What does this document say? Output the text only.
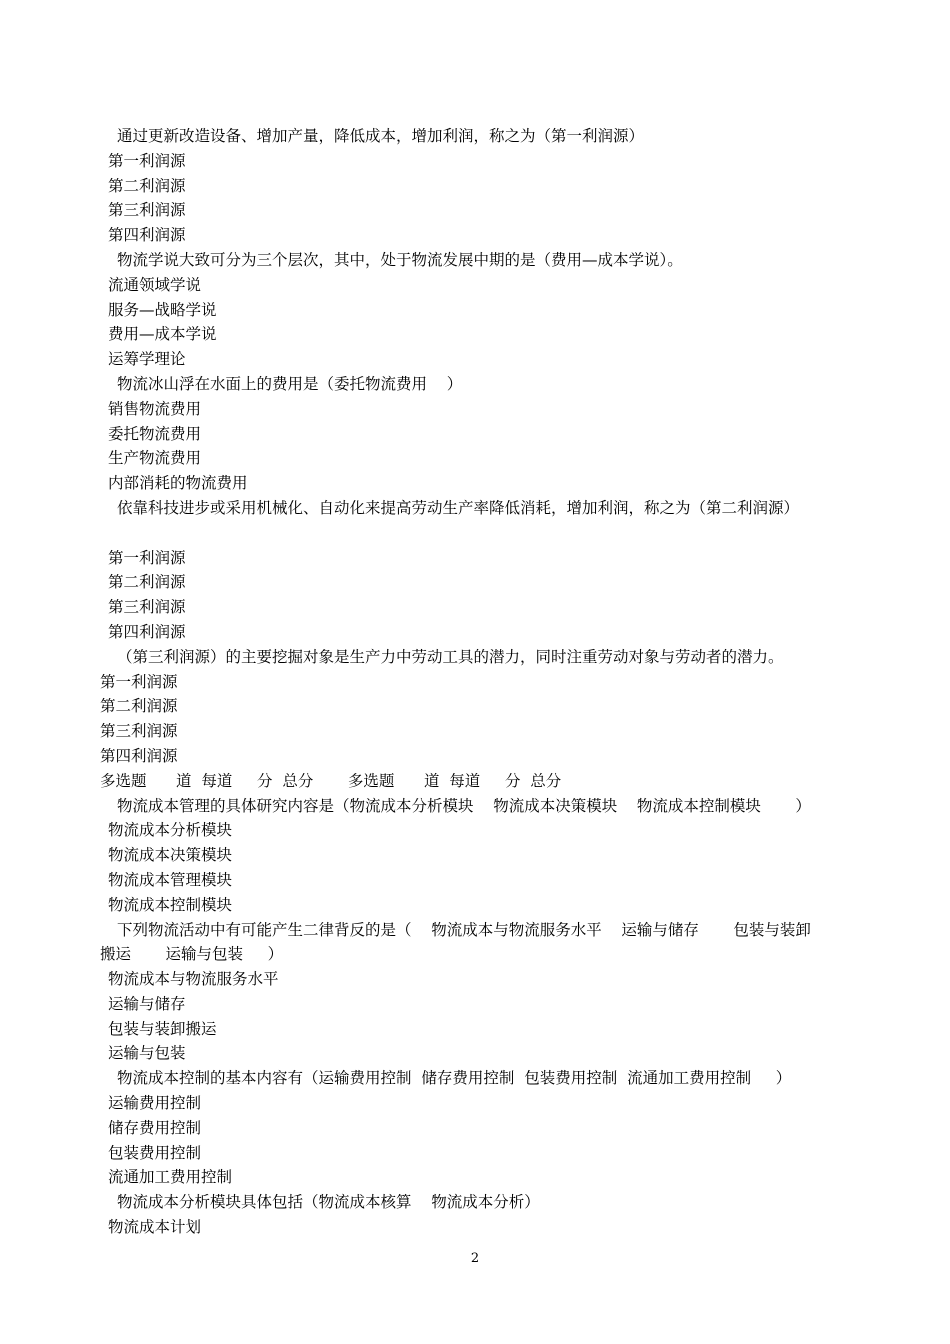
通过更新改造设备、增加产量，降低成本，增加利润，称之为（第一利润源）
第一利润源
第二利润源
第三利润源
第四利润源
物流学说大致可分为三个层次，其中，处于物流发展中期的是（费用—成本学说）。
流通领域学说
服务—战略学说
费用—成本学说
运筹学理论
物流冰山浮在水面上的费用是（委托物流费用    ）
销售物流费用
委托物流费用
生产物流费用
内部消耗的物流费用
依靠科技进步或采用机械化、自动化来提高劳动生产率降低消耗，增加利润，称之为（第二利润源）
第一利润源
第二利润源
第三利润源
第四利润源
（第三利润源）的主要挖掘对象是生产力中劳动工具的潜力，同时注重劳动对象与劳动者的潜力。
第一利润源
第二利润源
第三利润源
第四利润源
多选题      道  每道     分  总分       多选题      道  每道     分  总分
物流成本管理的具体研究内容是（物流成本分析模块    物流成本决策模块    物流成本控制模块       ）
物流成本分析模块
物流成本决策模块
物流成本管理模块
物流成本控制模块
下列物流活动中有可能产生二律背反的是（    物流成本与物流服务水平    运输与储存       包装与装卸
搬运       运输与包装     ）
物流成本与物流服务水平
运输与储存
包装与装卸搬运
运输与包装
物流成本控制的基本内容有（运输费用控制  储存费用控制  包装费用控制  流通加工费用控制     ）
运输费用控制
储存费用控制
包装费用控制
流通加工费用控制
物流成本分析模块具体包括（物流成本核算    物流成本分析）
物流成本计划
2
